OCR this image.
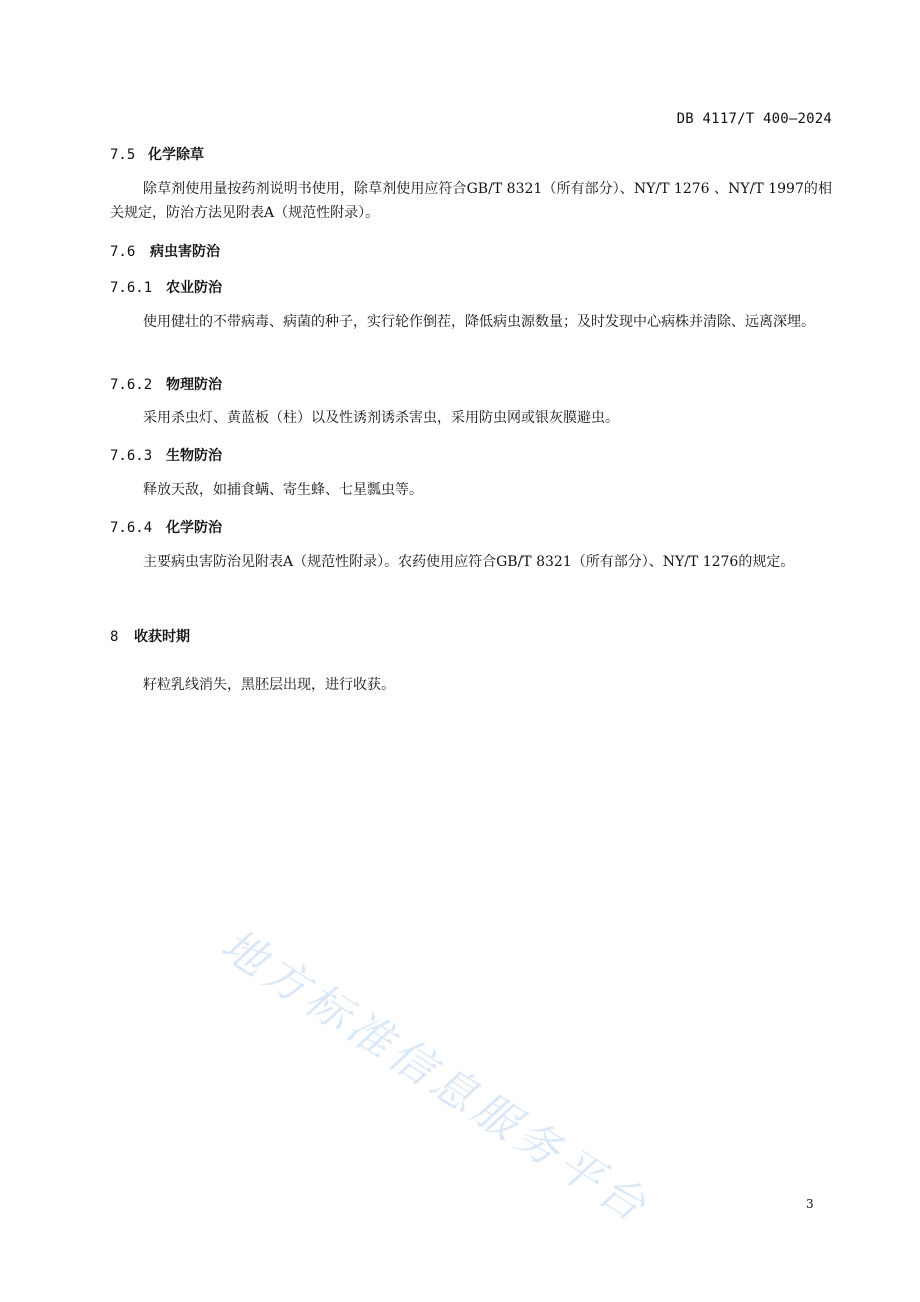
DB 4117/T 400—2024
7.5 化学除草

除草剂使用量按药剂说明书使用，除草剂使用应符合GB/T 8321（所有部分）、NY/T 1276 、NY/T 1997的相关规定，防治方法见附表A（规范性附录）。

7.6 病虫害防治
7.6.1 农业防治

使用健壮的不带病毒、病菌的种子，实行轮作倒茬，降低病虫源数量；及时发现中心病株并清除、远离深埋。

7.6.2 物理防治

采用杀虫灯、黄蓝板（柱）以及性诱剂诱杀害虫，采用防虫网或银灰膜避虫。

7.6.3 生物防治

释放天敌，如捕食螨、寄生蜂、七星瓢虫等。

7.6.4 化学防治

主要病虫害防治见附表A（规范性附录）。农药使用应符合GB/T 8321（所有部分）、NY/T 1276的规定。

8 收获时期

籽粒乳线消失，黑胚层出现，进行收获。

地方标准信息服务平台	3
